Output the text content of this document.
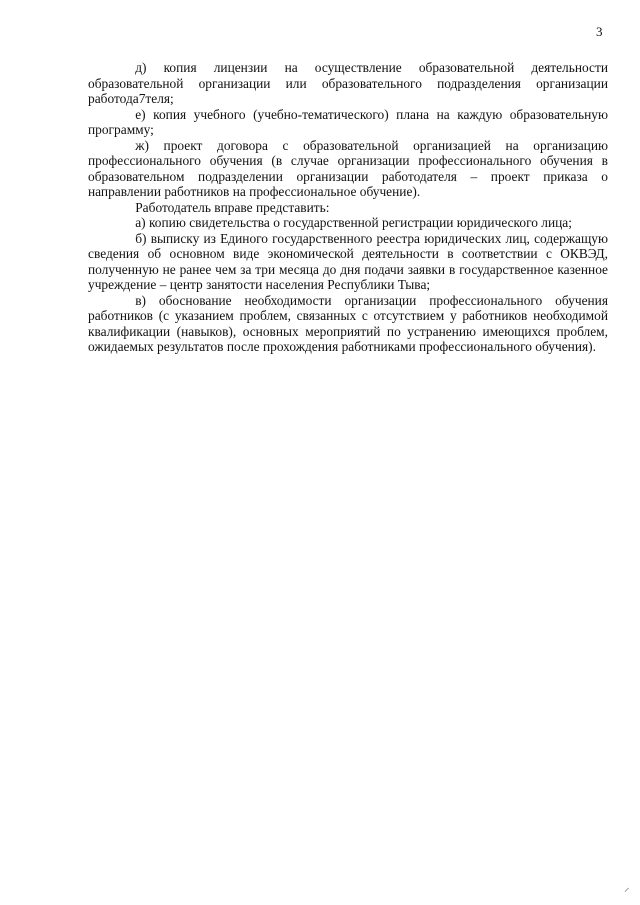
3

д) копия лицензии на осуществление образовательной деятельности образовательной организации или образовательного подразделения организации работода7теля;

е) копия учебного (учебно-тематического) плана на каждую образовательную программу;

ж) проект договора с образовательной организацией на организацию профессионального обучения (в случае организации профессионального обучения в образовательном подразделении организации работодателя – проект приказа о направлении работников на профессиональное обучение).

Работодатель вправе представить:

а) копию свидетельства о государственной регистрации юридического лица;

б) выписку из Единого государственного реестра юридических лиц, содержащую сведения об основном виде экономической деятельности в соответствии с ОКВЭД, полученную не ранее чем за три месяца до дня подачи заявки в государственное казенное учреждение – центр занятости населения Республики Тыва;

в) обоснование необходимости организации профессионального обучения работников (с указанием проблем, связанных с отсутствием у работников необходимой квалификации (навыков), основных мероприятий по устранению имеющихся проблем, ожидаемых результатов после прохождения работниками профессионального обучения).

⸝
